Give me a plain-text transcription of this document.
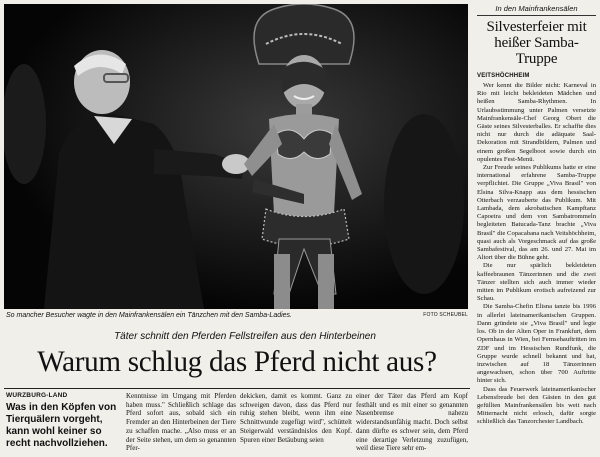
So mancher Besucher wagte in den Mainfrankensälen ein Tänzchen mit den Samba-Ladies.	FOTO SCHEUBEL
Täter schnitt den Pferden Fellstreifen aus den Hinterbeinen
Warum schlug das Pferd nicht aus?

WÜRZBURG-LAND

Was in den Köpfen von Tierquälern vorgeht, kann wohl keiner so recht nachvollziehen.

Kenntnisse im Umgang mit Pferden haben muss." Schließlich schlage das Pferd sofort aus, sobald sich ein Fremder an den Hinterbeinen der Tiere zu schaffen mache. „Also muss er an der Seite stehen, um dem so genannten Pfer-
dekicken, damit es kommt. Ganz zu schweigen davon, dass das Pferd nur ruhig stehen bleibt, wenn ihm eine Schnittwunde zugefügt wird", schüttelt Steigerwald verständnislos den Kopf. Spuren einer Betäubung seien
einer der Täter das Pferd am Kopf festhält und es mit einer so genannten Nasenbremse nahezu widerstandsunfähig macht. Doch selbst dann dürfte es schwer sein, dem Pferd eine derartige Verletzung zuzufügen, weil diese Tiere sehr em-
In den Mainfrankensälen
Silvesterfeier mit heißer Samba-Truppe
VEITSHÖCHHEIM

Wer kennt die Bilder nicht: Karneval in Rio mit leicht bekleideten Mädchen und heißen Samba-Rhythmen. In Urlaubsstimmung unter Palmen versetzte Mainfrankensäle-Chef Georg Obert die Gäste seines Silvesterballes. Er schaffte dies nicht nur durch die adäquate Saal-Dekoration mit Strandbildern, Palmen und einem großen Segelboot sowie durch ein opulentes Fest-Menü.

Zur Freude seines Publikums hatte er eine international erfahrene Samba-Truppe verpflichtet. Die Gruppe „Viva Brasil" von Elsina Silva-Knapp aus dem hessischen Otterbach verzauberte das Publikum. Mit Lambada, dem akrobatischen Kampftanz Capoeira und dem von Sambatrommeln begleiteten Batucada-Tanz brachte „Viva Brasil" die Copacabana nach Veitshöchheim, quasi auch als Vorgeschmack auf das große Sambafestival, das am 26. und 27. Mai im Altort über die Bühne geht.

Die nur spärlich bekleideten kaffeebraunen Tänzerinnen und die zwei Tänzer stellten sich auch immer wieder mitten im Publikum erotisch aufreizend zur Schau.

Die Samba-Chefin Elisna tanzte bis 1996 in allerlei lateinamerikanischen Gruppen. Dann gründete sie „Viva Brasil" und legte los. Ob in der Alten Oper in Frankfurt, dem Opernhaus in Wien, bei Fernsehauftritten im ZDF und im Hessischen Rundfunk, die Gruppe wurde schnell bekannt und hat, inzwischen auf 18 Tänzerinnen angewachsen, schon über 700 Auftritte hinter sich.

Dass das Feuerwerk lateinamerikanischer Lebensfreude bei den Gästen in den gut gefüllten Mainfrankensälen bis weit nach Mitternacht nicht erlosch, dafür sorgte schließlich das Tanzorchester Landbach.
